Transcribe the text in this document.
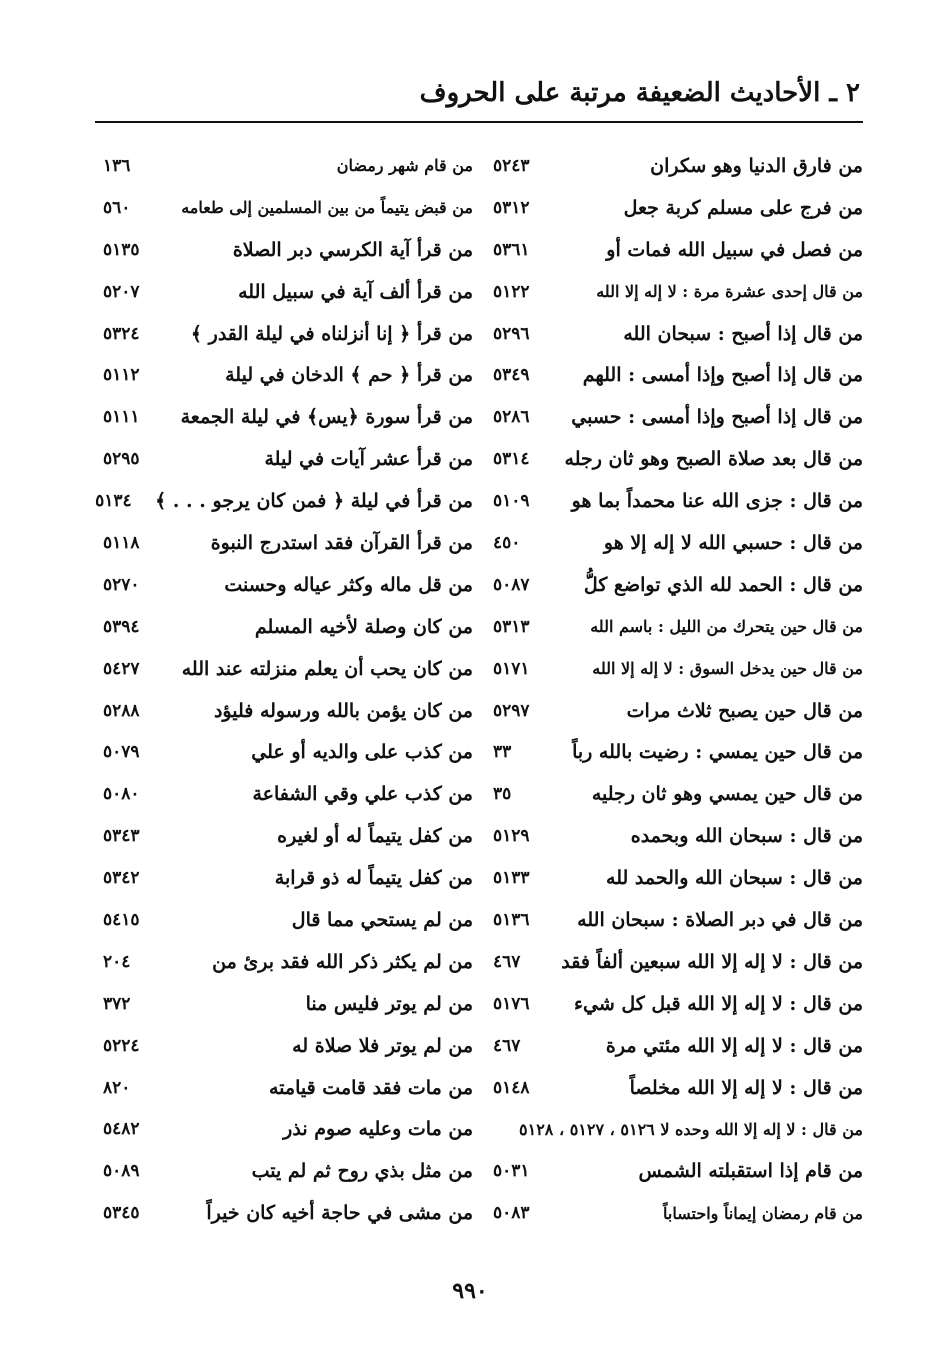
٢ ـ الأحاديث الضعيفة مرتبة على الحروف
من فارق الدنيا وهو سكران
٥٢٤٣
من فرج على مسلم كربة جعل
٥٣١٢
من فصل في سبيل الله فمات أو
٥٣٦١
من قال إحدى عشرة مرة : لا إله إلا الله
٥١٢٢
من قال إذا أصبح : سبحان الله
٥٢٩٦
من قال إذا أصبح وإذا أمسى : اللهم
٥٣٤٩
من قال إذا أصبح وإذا أمسى : حسبي
٥٢٨٦
من قال بعد صلاة الصبح وهو ثان رجله
٥٣١٤
من قال : جزى الله عنا محمداً بما هو
٥١٠٩
من قال : حسبي الله لا إله إلا هو
٤٥٠
من قال : الحمد لله الذي تواضع كلُّ
٥٠٨٧
من قال حين يتحرك من الليل : باسم الله
٥٣١٣
من قال حين يدخل السوق : لا إله إلا الله
٥١٧١
من قال حين يصبح ثلاث مرات
٥٢٩٧
من قال حين يمسي : رضيت بالله رباً
٣٣
من قال حين يمسي وهو ثان رجليه
٣٥
من قال : سبحان الله وبحمده
٥١٢٩
من قال : سبحان الله والحمد لله
٥١٣٣
من قال في دبر الصلاة : سبحان الله
٥١٣٦
من قال : لا إله إلا الله سبعين ألفاً فقد
٤٦٧
من قال : لا إله إلا الله قبل كل شيء
٥١٧٦
من قال : لا إله إلا الله مئتي مرة
٤٦٧
من قال : لا إله إلا الله مخلصاً
٥١٤٨
من قال : لا إله إلا الله وحده لا ٥١٢٦ ، ٥١٢٧ ، ٥١٢٨
من قام إذا استقبلته الشمس
٥٠٣١
من قام رمضان إيماناً واحتساباً
٥٠٨٣
من قام شهر رمضان
١٣٦
من قبض يتيماً من بين المسلمين إلى طعامه
٥٦٠
من قرأ آية الكرسي دبر الصلاة
٥١٣٥
من قرأ ألف آية في سبيل الله
٥٢٠٧
من قرأ ﴿ إنا أنزلناه في ليلة القدر ﴾
٥٣٢٤
من قرأ ﴿ حم ﴾ الدخان في ليلة
٥١١٢
من قرأ سورة ﴿يس﴾ في ليلة الجمعة
٥١١١
من قرأ عشر آيات في ليلة
٥٢٩٥
من قرأ في ليلة ﴿ فمن كان يرجو . . . ﴾
٥١٣٤
من قرأ القرآن فقد استدرج النبوة
٥١١٨
من قل ماله وكثر عياله وحسنت
٥٢٧٠
من كان وصلة لأخيه المسلم
٥٣٩٤
من كان يحب أن يعلم منزلته عند الله
٥٤٢٧
من كان يؤمن بالله ورسوله فليؤد
٥٢٨٨
من كذب على والديه أو علي
٥٠٧٩
من كذب علي وقي الشفاعة
٥٠٨٠
من كفل يتيماً له أو لغيره
٥٣٤٣
من كفل يتيماً له ذو قرابة
٥٣٤٢
من لم يستحي مما قال
٥٤١٥
من لم يكثر ذكر الله فقد برئ من
٢٠٤
من لم يوتر فليس منا
٣٧٢
من لم يوتر فلا صلاة له
٥٢٢٤
من مات فقد قامت قيامته
٨٢٠
من مات وعليه صوم نذر
٥٤٨٢
من مثل بذي روح ثم لم يتب
٥٠٨٩
من مشى في حاجة أخيه كان خيراً
٥٣٤٥
٩٩٠
